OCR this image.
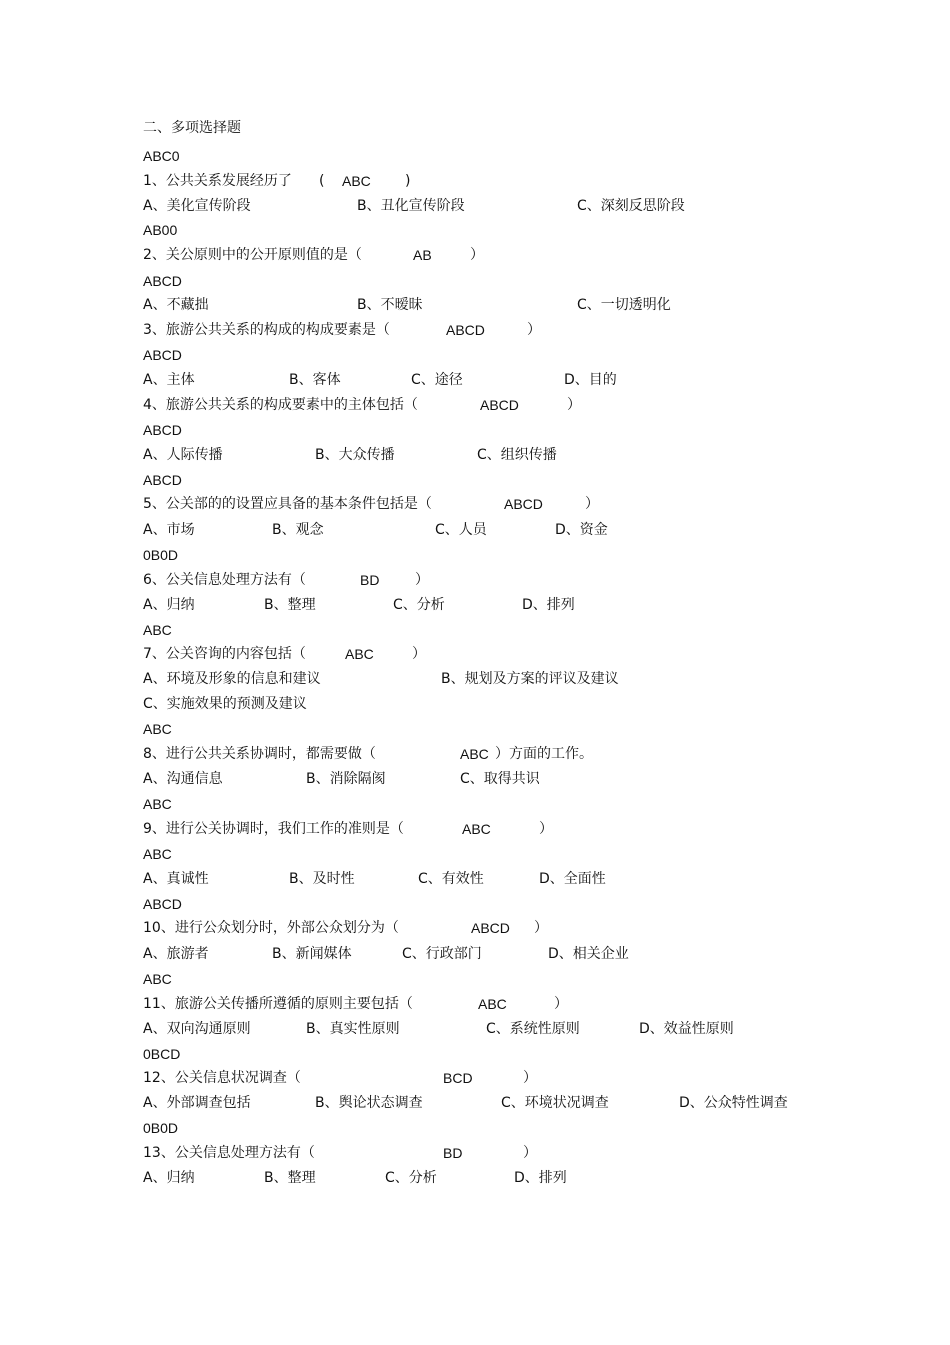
二、多项选择题
ABC0
1、公共关系发展经历了 ( ABC )
A、美化宣传阶段	B、丑化宣传阶段	C、深刻反思阶段
AB00
2、关公原则中的公开原则值的是（	AB	）
ABCD
A、不藏拙	B、不暧昧	C、一切透明化
3、旅游公共关系的构成的构成要素是（	ABCD	）
ABCD
A、主体	B、客体	C、途径	D、目的
4、旅游公共关系的构成要素中的主体包括（	ABCD	）
ABCD
A、人际传播	B、大众传播	C、组织传播
ABCD
5、公关部的的设置应具备的基本条件包括是（	ABCD	）
A、市场	B、观念	C、人员	D、资金
0B0D
6、公关信息处理方法有（	BD	）
A、归纳	B、整理	C、分析	D、排列
ABC
7、公关咨询的内容包括（	ABC	）
A、环境及形象的信息和建议	B、规划及方案的评议及建议
C、实施效果的预测及建议
ABC
8、进行公共关系协调时，都需要做（	ABC ）方面的工作。
A、沟通信息	B、消除隔阂	C、取得共识
ABC
9、进行公关协调时，我们工作的准则是（	ABC	）
ABC
A、真诚性	B、及时性	C、有效性	D、全面性
ABCD
10、进行公众划分时，外部公众划分为（	ABCD ）
A、旅游者	B、新闻媒体	C、行政部门	D、相关企业
ABC
11、旅游公关传播所遵循的原则主要包括（	ABC	）
A、双向沟通原则	B、真实性原则	C、系统性原则	D、效益性原则
0BCD
12、公关信息状况调查（	BCD	）
A、外部调查包括	B、舆论状态调查	C、环境状况调查	D、公众特性调查
0B0D
13、公关信息处理方法有（	BD	）
A、归纳	B、整理	C、分析	D、排列
